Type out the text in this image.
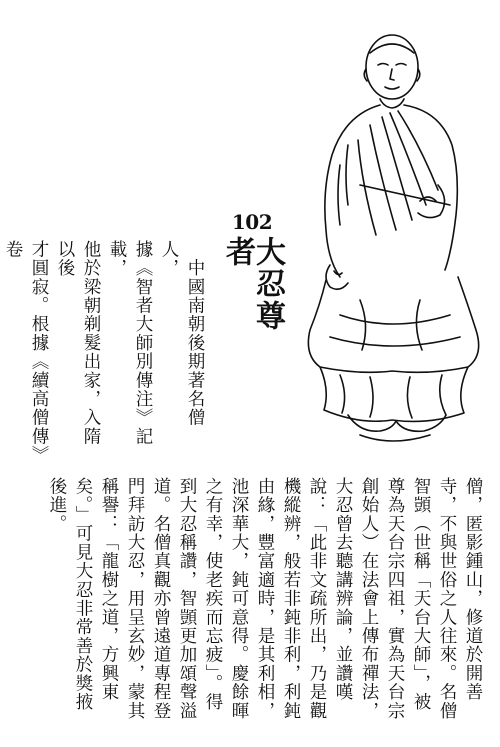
102
大忍尊者
　中國南朝後期著名僧人，
據《智者大師別傳注》記載，
他於梁朝剃髮出家，入隋以後
才圓寂。根據《續高僧傳》卷
僧，匿影鍾山，修道於開善
寺，不與世俗之人往來。名僧
智顗（世稱「天台大師」，被
尊為天台宗四祖，實為天台宗
創始人）在法會上傳布禪法，
大忍曾去聽講辨論，並讚嘆
說：「此非文疏所出，乃是觀
機縱辨，般若非鈍非利，利鈍
由緣，豐富適時，是其利相，
池深華大，鈍可意得。慶餘暉
之有幸，使老疾而忘疲」。得
到大忍稱讚，智顗更加頌聲溢
道。名僧真觀亦曾遠道專程登
門拜訪大忍，用呈玄妙，蒙其
稱譽：「龍樹之道，方興東
矣。」可見大忍非常善於獎掖
後進。
